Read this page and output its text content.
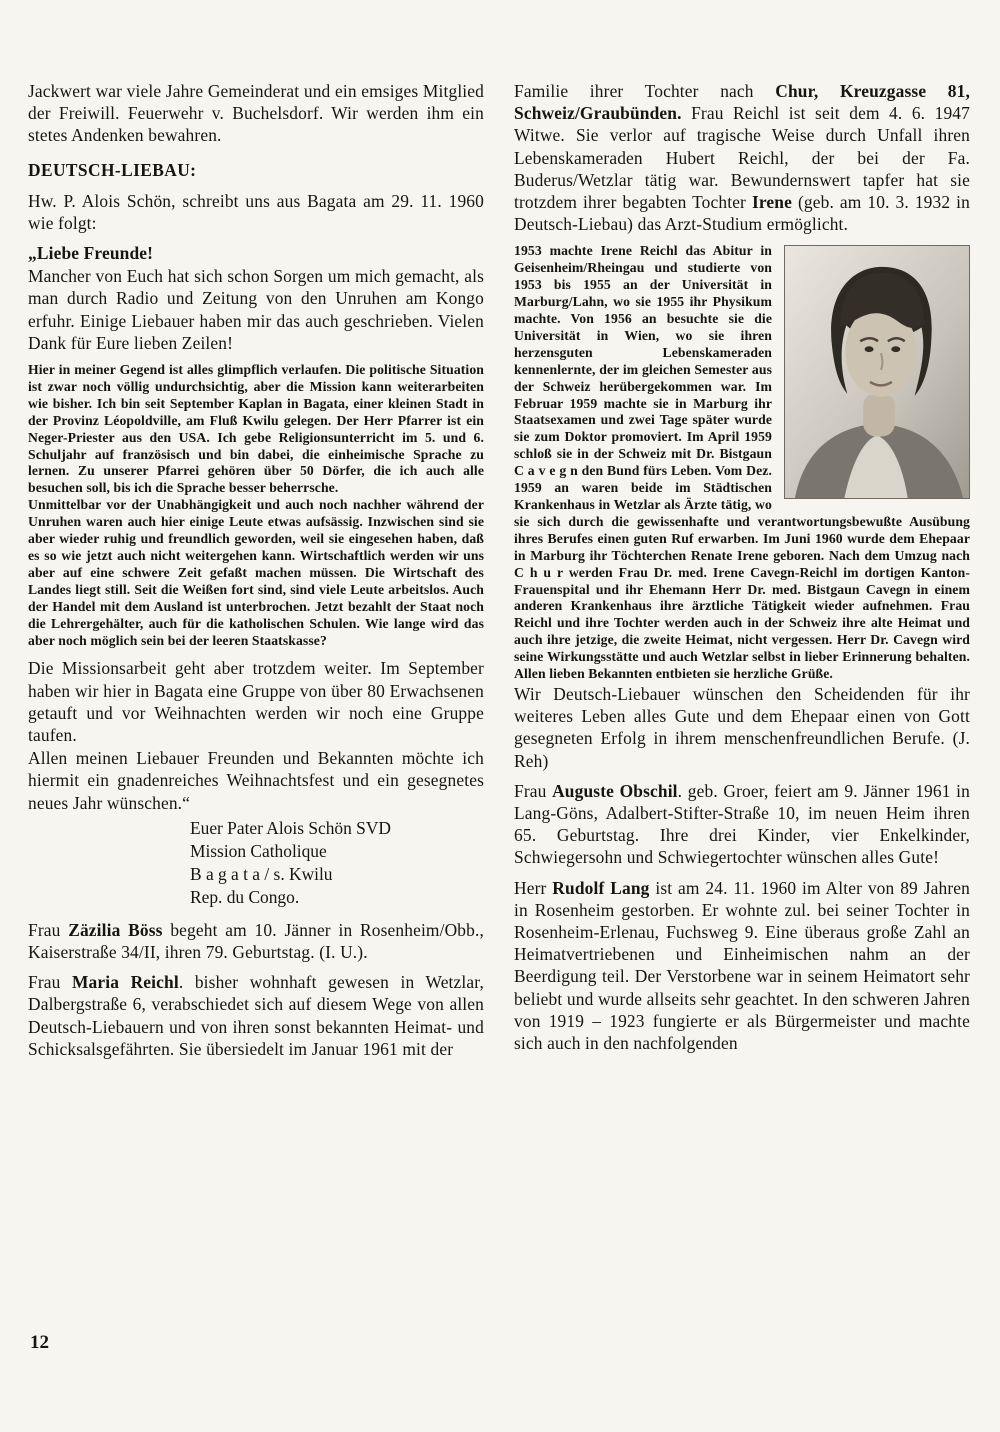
Jackwert war viele Jahre Gemeinderat und ein emsiges Mitglied der Freiwill. Feuerwehr v. Buchelsdorf. Wir werden ihm ein stetes Andenken bewahren.

DEUTSCH-LIEBAU:

Hw. P. Alois Schön, schreibt uns aus Bagata am 29. 11. 1960 wie folgt:

„Liebe Freunde!

Mancher von Euch hat sich schon Sorgen um mich gemacht, als man durch Radio und Zeitung von den Unruhen am Kongo erfuhr. Einige Liebauer haben mir das auch geschrieben. Vielen Dank für Eure lieben Zeilen!

Hier in meiner Gegend ist alles glimpflich verlaufen. Die politische Situation ist zwar noch völlig undurchsichtig, aber die Mission kann weiterarbeiten wie bisher. Ich bin seit September Kaplan in Bagata, einer kleinen Stadt in der Provinz Léopoldville, am Fluß Kwilu gelegen. Der Herr Pfarrer ist ein Neger-Priester aus den USA. Ich gebe Religionsunterricht im 5. und 6. Schuljahr auf französisch und bin dabei, die einheimische Sprache zu lernen. Zu unserer Pfarrei gehören über 50 Dörfer, die ich auch alle besuchen soll, bis ich die Sprache besser beherrsche.

Unmittelbar vor der Unabhängigkeit und auch noch nachher während der Unruhen waren auch hier einige Leute etwas aufsässig. Inzwischen sind sie aber wieder ruhig und freundlich geworden, weil sie eingesehen haben, daß es so wie jetzt auch nicht weitergehen kann. Wirtschaftlich werden wir uns aber auf eine schwere Zeit gefaßt machen müssen. Die Wirtschaft des Landes liegt still. Seit die Weißen fort sind, sind viele Leute arbeitslos. Auch der Handel mit dem Ausland ist unterbrochen. Jetzt bezahlt der Staat noch die Lehrergehälter, auch für die katholischen Schulen. Wie lange wird das aber noch möglich sein bei der leeren Staatskasse?

Die Missionsarbeit geht aber trotzdem weiter. Im September haben wir hier in Bagata eine Gruppe von über 80 Erwachsenen getauft und vor Weihnachten werden wir noch eine Gruppe taufen.

Allen meinen Liebauer Freunden und Bekannten möchte ich hiermit ein gnadenreiches Weihnachtsfest und ein gesegnetes neues Jahr wünschen.“

Euer Pater Alois Schön SVD
Mission Catholique
B a g a t a / s. Kwilu
Rep. du Congo.

Frau Zäzilia Böss begeht am 10. Jänner in Rosenheim/Obb., Kaiserstraße 34/II, ihren 79. Geburtstag. (I. U.).

Frau Maria Reichl. bisher wohnhaft gewesen in Wetzlar, Dalbergstraße 6, verabschiedet sich auf diesem Wege von allen Deutsch-Liebauern und von ihren sonst bekannten Heimat- und Schicksalsgefährten. Sie übersiedelt im Januar 1961 mit der

Familie ihrer Tochter nach Chur, Kreuzgasse 81, Schweiz/Graubünden. Frau Reichl ist seit dem 4. 6. 1947 Witwe. Sie verlor auf tragische Weise durch Unfall ihren Lebenskameraden Hubert Reichl, der bei der Fa. Buderus/Wetzlar tätig war. Bewundernswert tapfer hat sie trotzdem ihrer begabten Tochter Irene (geb. am 10. 3. 1932 in Deutsch-Liebau) das Arzt-Studium ermöglicht.

1953 machte Irene Reichl das Abitur in Geisenheim/Rheingau und studierte von 1953 bis 1955 an der Universität in Marburg/Lahn, wo sie 1955 ihr Physikum machte. Von 1956 an besuchte sie die Universität in Wien, wo sie ihren herzensguten Lebenskameraden kennenlernte, der im gleichen Semester aus der Schweiz herübergekommen war. Im Februar 1959 machte sie in Marburg ihr Staatsexamen und zwei Tage später wurde sie zum Doktor promoviert. Im April 1959 schloß sie in der Schweiz mit Dr. Bistgaun C a v e g n den Bund fürs Leben. Vom Dez. 1959 an waren beide im Städtischen Krankenhaus in Wetzlar als Ärzte tätig, wo sie sich durch die gewissenhafte und verantwortungsbewußte Ausübung ihres Berufes einen guten Ruf erwarben. Im Juni 1960 wurde dem Ehepaar in Marburg ihr Töchterchen Renate Irene geboren. Nach dem Umzug nach C h u r werden Frau Dr. med. Irene Cavegn-Reichl im dortigen Kanton-Frauenspital und ihr Ehemann Herr Dr. med. Bistgaun Cavegn in einem anderen Krankenhaus ihre ärztliche Tätigkeit wieder aufnehmen. Frau Reichl und ihre Tochter werden auch in der Schweiz ihre alte Heimat und auch ihre jetzige, die zweite Heimat, nicht vergessen. Herr Dr. Cavegn wird seine Wirkungsstätte und auch Wetzlar selbst in lieber Erinnerung behalten. Allen lieben Bekannten entbieten sie herzliche Grüße.

Wir Deutsch-Liebauer wünschen den Scheidenden für ihr weiteres Leben alles Gute und dem Ehepaar einen von Gott gesegneten Erfolg in ihrem menschenfreundlichen Berufe. (J. Reh)

Frau Auguste Obschil. geb. Groer, feiert am 9. Jänner 1961 in Lang-Göns, Adalbert-Stifter-Straße 10, im neuen Heim ihren 65. Geburtstag. Ihre drei Kinder, vier Enkelkinder, Schwiegersohn und Schwiegertochter wünschen alles Gute!

Herr Rudolf Lang ist am 24. 11. 1960 im Alter von 89 Jahren in Rosenheim gestorben. Er wohnte zul. bei seiner Tochter in Rosenheim-Erlenau, Fuchsweg 9. Eine überaus große Zahl an Heimatvertriebenen und Einheimischen nahm an der Beerdigung teil. Der Verstorbene war in seinem Heimatort sehr beliebt und wurde allseits sehr geachtet. In den schweren Jahren von 1919 – 1923 fungierte er als Bürgermeister und machte sich auch in den nachfolgenden

12
